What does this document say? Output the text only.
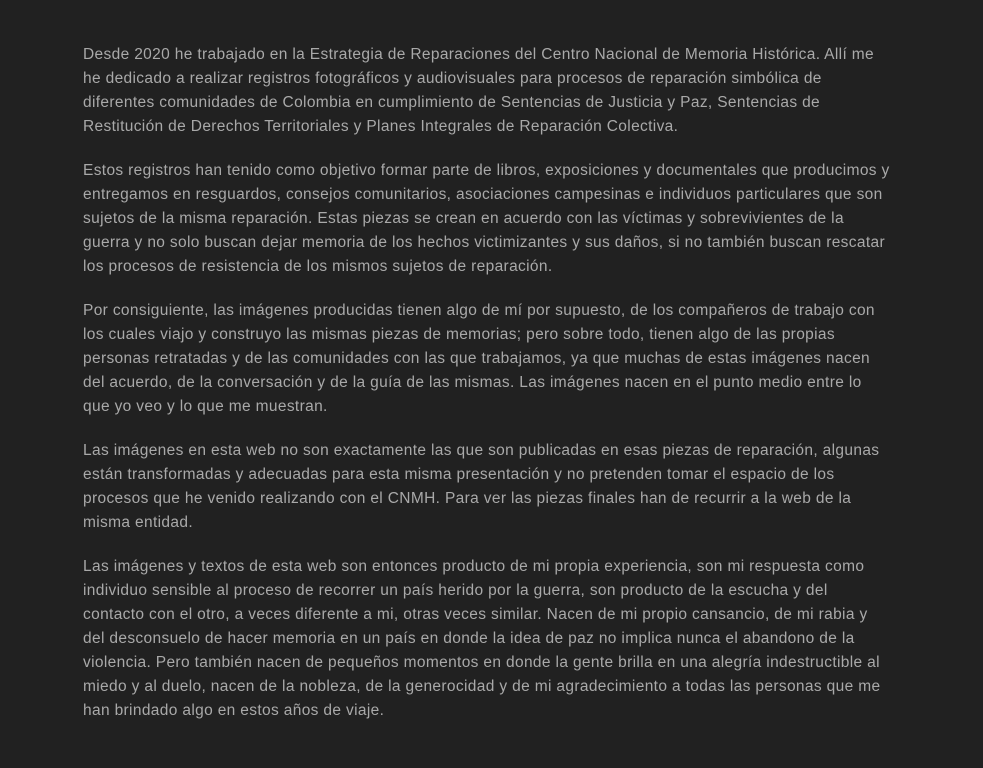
Desde 2020 he trabajado en la Estrategia de Reparaciones del Centro Nacional de Memoria Histórica. Allí me he dedicado a realizar registros fotográficos y audiovisuales para procesos de reparación simbólica de diferentes comunidades de Colombia en cumplimiento de Sentencias de Justicia y Paz, Sentencias de Restitución de Derechos Territoriales y Planes Integrales de Reparación Colectiva.

Estos registros han tenido como objetivo formar parte de libros, exposiciones y documentales que producimos y entregamos en resguardos, consejos comunitarios, asociaciones campesinas e individuos particulares que son sujetos de la misma reparación. Estas piezas se crean en acuerdo con las víctimas y sobrevivientes de la guerra y no solo buscan dejar memoria de los hechos victimizantes y sus daños, si no también buscan rescatar los procesos de resistencia de los mismos sujetos de reparación.

Por consiguiente, las imágenes producidas tienen algo de mí por supuesto, de los compañeros de trabajo con los cuales viajo y construyo las mismas piezas de memorias; pero sobre todo, tienen algo de las propias personas retratadas y de las comunidades con las que trabajamos, ya que muchas de estas imágenes nacen del acuerdo, de la conversación y de la guía de las mismas. Las imágenes nacen en el punto medio entre lo que yo veo y lo que me muestran.

Las imágenes en esta web no son exactamente las que son publicadas en esas piezas de reparación, algunas están transformadas y adecuadas para esta misma presentación y no pretenden tomar el espacio de los procesos que he venido realizando con el CNMH. Para ver las piezas finales han de recurrir a la web de la misma entidad.

Las imágenes y textos de esta web son entonces producto de mi propia experiencia, son mi respuesta como individuo sensible al proceso de recorrer un país herido por la guerra, son producto de la escucha y del contacto con el otro, a veces diferente a mi, otras veces similar. Nacen de mi propio cansancio, de mi rabia y del desconsuelo de hacer memoria en un país en donde la idea de paz no implica nunca el abandono de la violencia. Pero también nacen de pequeños momentos en donde la gente brilla en una alegría indestructible al miedo y al duelo, nacen de la nobleza, de la generocidad y de mi agradecimiento a todas las personas que me han brindado algo en estos años de viaje.
